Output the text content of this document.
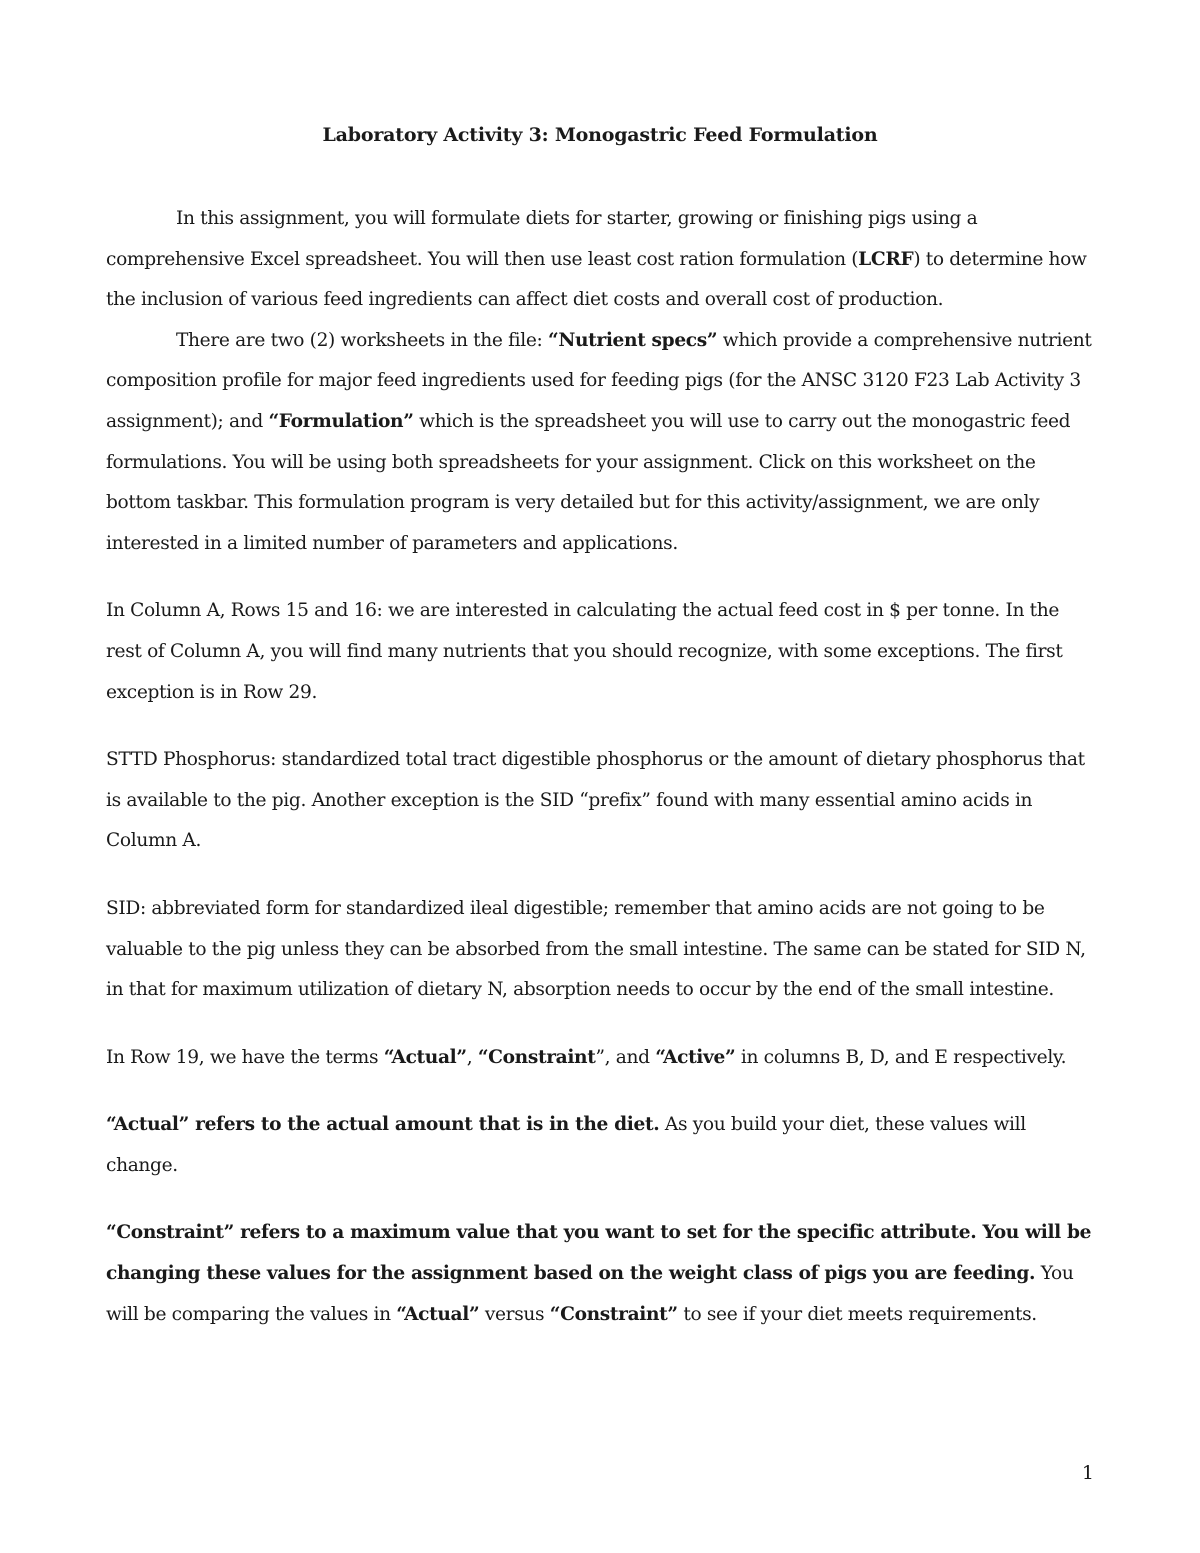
Laboratory Activity 3: Monogastric Feed Formulation

In this assignment, you will formulate diets for starter, growing or finishing pigs using a comprehensive Excel spreadsheet. You will then use least cost ration formulation (LCRF) to determine how the inclusion of various feed ingredients can affect diet costs and overall cost of production.

There are two (2) worksheets in the file: “Nutrient specs” which provide a comprehensive nutrient composition profile for major feed ingredients used for feeding pigs (for the ANSC 3120 F23 Lab Activity 3 assignment); and “Formulation” which is the spreadsheet you will use to carry out the monogastric feed formulations. You will be using both spreadsheets for your assignment. Click on this worksheet on the bottom taskbar. This formulation program is very detailed but for this activity/assignment, we are only interested in a limited number of parameters and applications.

In Column A, Rows 15 and 16: we are interested in calculating the actual feed cost in $ per tonne. In the rest of Column A, you will find many nutrients that you should recognize, with some exceptions. The first exception is in Row 29.

STTD Phosphorus: standardized total tract digestible phosphorus or the amount of dietary phosphorus that is available to the pig. Another exception is the SID “prefix” found with many essential amino acids in Column A.

SID: abbreviated form for standardized ileal digestible; remember that amino acids are not going to be valuable to the pig unless they can be absorbed from the small intestine. The same can be stated for SID N, in that for maximum utilization of dietary N, absorption needs to occur by the end of the small intestine.

In Row 19, we have the terms “Actual”, “Constraint”, and “Active” in columns B, D, and E respectively.

“Actual” refers to the actual amount that is in the diet. As you build your diet, these values will change.

“Constraint” refers to a maximum value that you want to set for the specific attribute. You will be changing these values for the assignment based on the weight class of pigs you are feeding. You will be comparing the values in “Actual” versus “Constraint” to see if your diet meets requirements.

1
